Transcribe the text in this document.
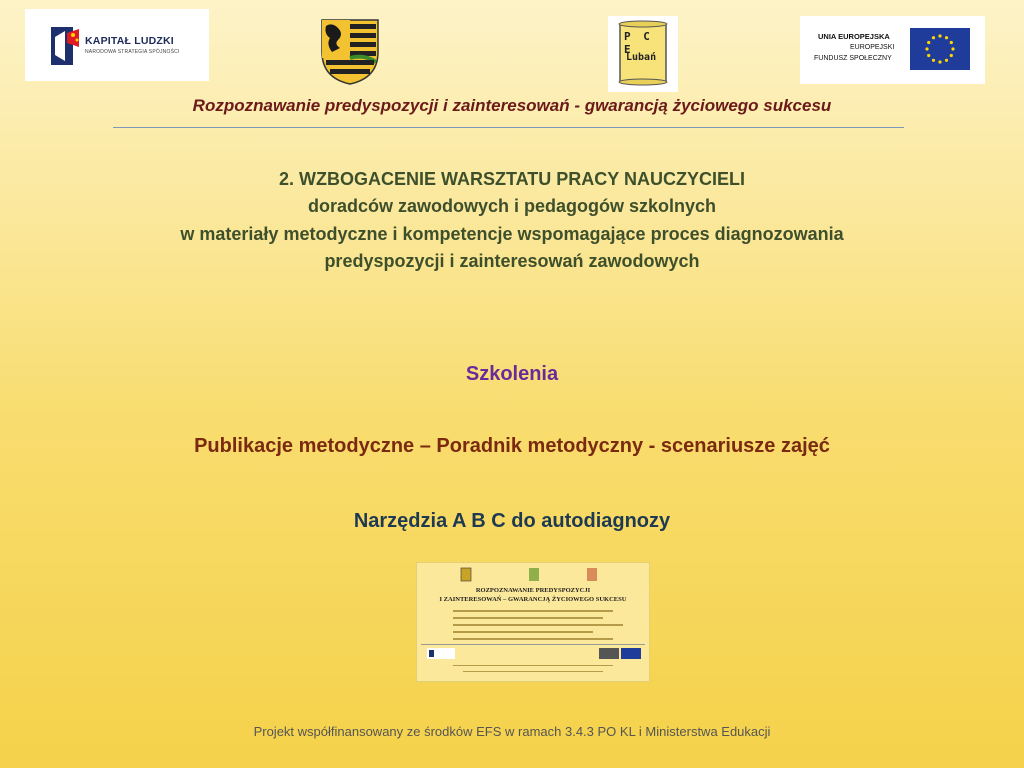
KAPITAŁ LUDZKI
NARODOWA STRATEGIA SPÓJNOŚCI
P C E
Lubań
UNIA EUROPEJSKA
EUROPEJSKI
FUNDUSZ SPOŁECZNY
Rozpoznawanie predyspozycji i zainteresowań - gwarancją życiowego sukcesu
2. WZBOGACENIE WARSZTATU PRACY NAUCZYCIELI
doradców zawodowych i pedagogów szkolnych
w materiały metodyczne i kompetencje wspomagające proces diagnozowania
predyspozycji i zainteresowań zawodowych
Szkolenia
Publikacje metodyczne – Poradnik metodyczny - scenariusze zajęć
Narzędzia A B C do autodiagnozy
ROZPOZNAWANIE PREDYSPOZYCJI
I ZAINTERESOWAŃ – GWARANCJĄ ŻYCIOWEGO SUKCESU
Projekt współfinansowany ze środków EFS w ramach 3.4.3 PO KL i Ministerstwa Edukacji
